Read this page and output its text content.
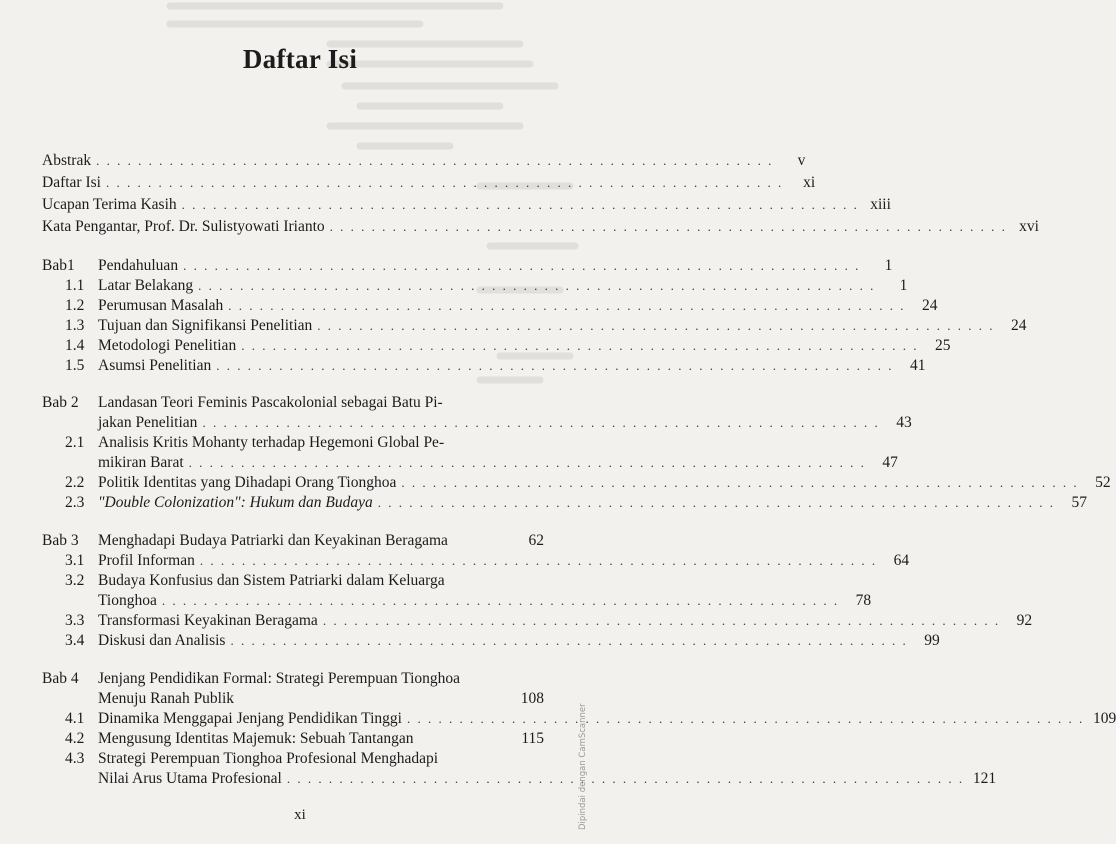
Daftar Isi
Abstrak . . . . . . . . . . . . . . . . . . . . . . . . . . . . . . . . . . . . . . . . . . . . . . . . . . . . . . . . . . . . . . . . .	v
Daftar Isi . . . . . . . . . . . . . . . . . . . . . . . . . . . . . . . . . . . . . . . . . . . . . . . . . . . . . . . . . . . . . . . . .	xi
Ucapan Terima Kasih . . . . . . . . . . . . . . . . . . . . . . . . . . . . . . . . . . . . . . . . . . . . . . . . . . . . . . . . . . . . . . . . . xiii
Kata Pengantar, Prof. Dr. Sulistyowati Irianto . . . . . . . . . . . . . . . . . . . . . . . . . . . . . . . . . . . . . . . . . . . . . . . . . . . . . . . . . . . . . . . . . xvi
Bab1 Pendahuluan . . . . . . . . . . . . . . . . . . . . . . . . . . . . . . . . . . . . . . . . . . . . . . . . . . . . . . . . . . . . . . . . .	1
1.1 Latar Belakang . . . . . . . . . . . . . . . . . . . . . . . . . . . . . . . . . . . . . . . . . . . . . . . . . . . . . . . . . . . . . . . . .	1
1.2 Perumusan Masalah . . . . . . . . . . . . . . . . . . . . . . . . . . . . . . . . . . . . . . . . . . . . . . . . . . . . . . . . . . . . . . . . .	24
1.3 Tujuan dan Signifikansi Penelitian . . . . . . . . . . . . . . . . . . . . . . . . . . . . . . . . . . . . . . . . . . . . . . . . . . . . . . . . . . . . . . . . .	24
1.4 Metodologi Penelitian . . . . . . . . . . . . . . . . . . . . . . . . . . . . . . . . . . . . . . . . . . . . . . . . . . . . . . . . . . . . . . . . .	25
1.5 Asumsi Penelitian . . . . . . . . . . . . . . . . . . . . . . . . . . . . . . . . . . . . . . . . . . . . . . . . . . . . . . . . . . . . . . . . .	41
Bab 2 Landasan Teori Feminis Pascakolonial sebagai Batu Pi-
jakan Penelitian . . . . . . . . . . . . . . . . . . . . . . . . . . . . . . . . . . . . . . . . . . . . . . . . . . . . . . . . . . . . . . . . .	43
2.1 Analisis Kritis Mohanty terhadap Hegemoni Global Pe-
mikiran Barat . . . . . . . . . . . . . . . . . . . . . . . . . . . . . . . . . . . . . . . . . . . . . . . . . . . . . . . . . . . . . . . . .	47
2.2 Politik Identitas yang Dihadapi Orang Tionghoa . . . . . . . . . . . . . . . . . . . . . . . . . . . . . . . . . . . . . . . . . . . . . . . . . . . . . . . . . . . . . . . . .	52
2.3 "Double Colonization": Hukum dan Budaya . . . . . . . . . . . . . . . . . . . . . . . . . . . . . . . . . . . . . . . . . . . . . . . . . . . . . . . . . . . . . . . . .	57
Bab 3 Menghadapi Budaya Patriarki dan Keyakinan Beragama	62
3.1 Profil Informan . . . . . . . . . . . . . . . . . . . . . . . . . . . . . . . . . . . . . . . . . . . . . . . . . . . . . . . . . . . . . . . . .	64
3.2 Budaya Konfusius dan Sistem Patriarki dalam Keluarga
Tionghoa . . . . . . . . . . . . . . . . . . . . . . . . . . . . . . . . . . . . . . . . . . . . . . . . . . . . . . . . . . . . . . . . .	78
3.3 Transformasi Keyakinan Beragama . . . . . . . . . . . . . . . . . . . . . . . . . . . . . . . . . . . . . . . . . . . . . . . . . . . . . . . . . . . . . . . . .	92
3.4 Diskusi dan Analisis . . . . . . . . . . . . . . . . . . . . . . . . . . . . . . . . . . . . . . . . . . . . . . . . . . . . . . . . . . . . . . . . .	99
Bab 4 Jenjang Pendidikan Formal: Strategi Perempuan Tionghoa
Menuju Ranah Publik	108
4.1 Dinamika Menggapai Jenjang Pendidikan Tinggi . . . . . . . . . . . . . . . . . . . . . . . . . . . . . . . . . . . . . . . . . . . . . . . . . . . . . . . . . . . . . . . . . 109
4.2 Mengusung Identitas Majemuk: Sebuah Tantangan	115
4.3 Strategi Perempuan Tionghoa Profesional Menghadapi
Nilai Arus Utama Profesional . . . . . . . . . . . . . . . . . . . . . . . . . . . . . . . . . . . . . . . . . . . . . . . . . . . . . . . . . . . . . . . . . 121
xi	Dipindai dengan CamScanner
